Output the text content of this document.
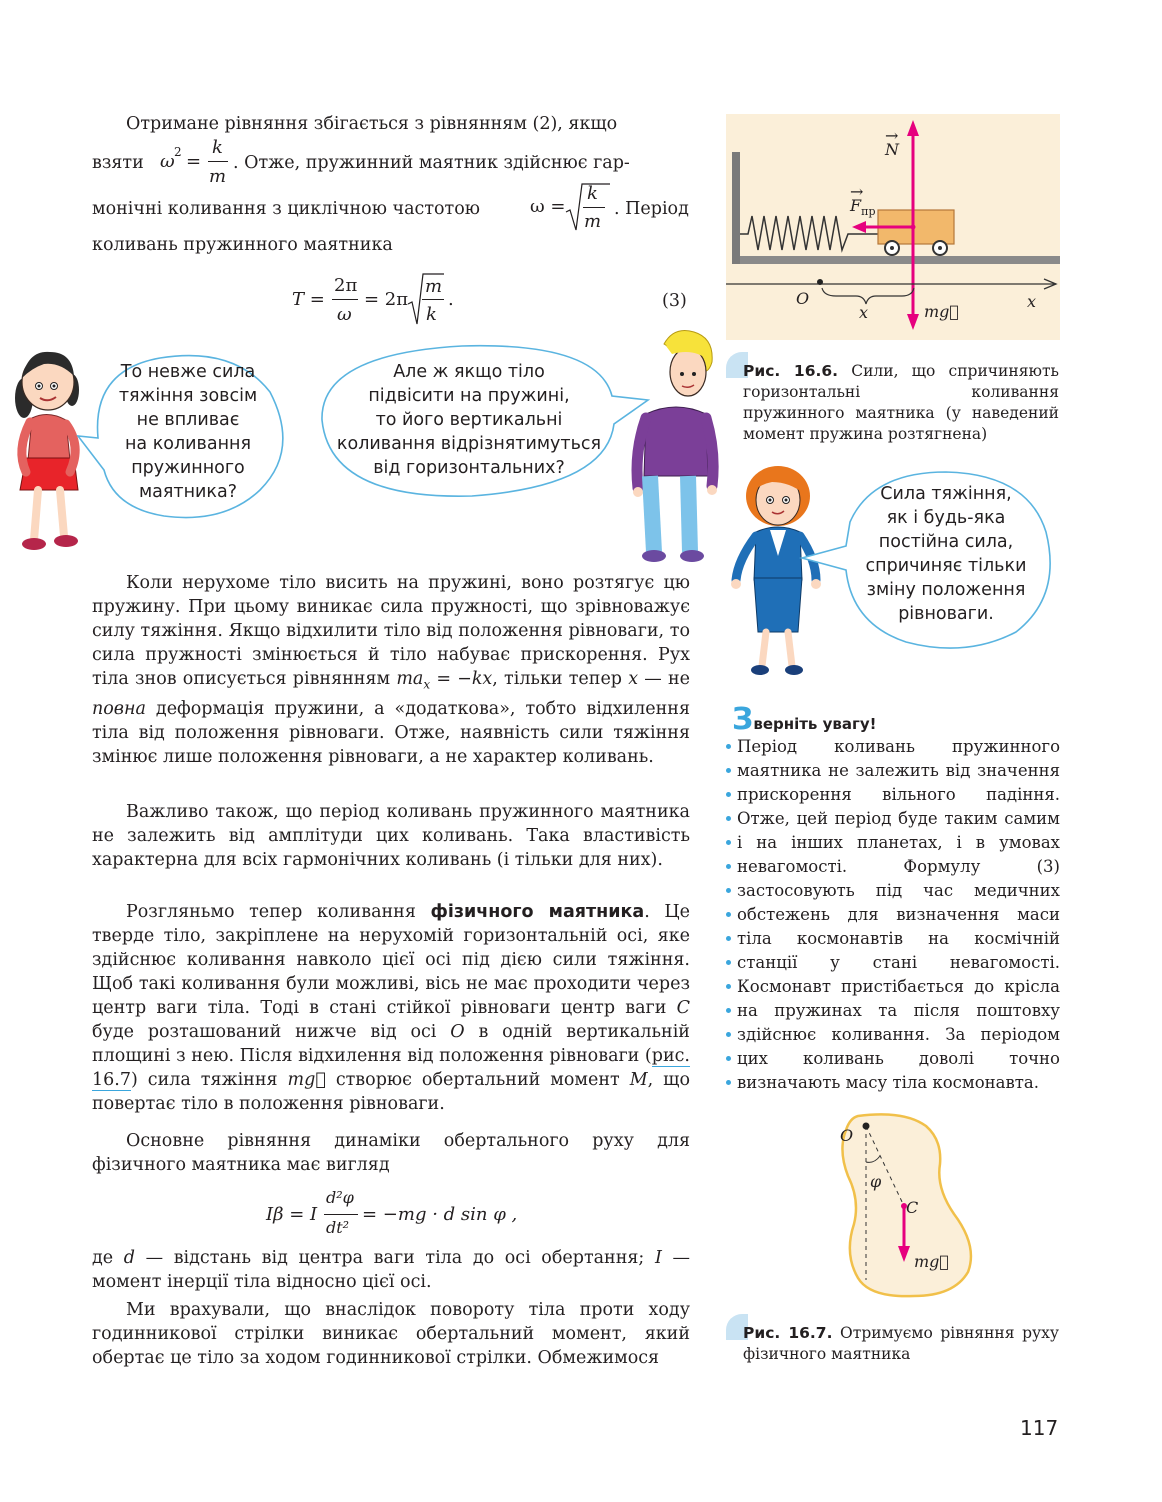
Отримане рівняння збігається з рівнянням (2), якщо

взяти ω 2 =
k
m
. Отже, пружинний маятник здійснює гар-
монічні коливання з циклічною частотою	ω =
k
m
. Період
коливань пружинного маятника
T =
2π
ω
= 2π
m
k
.	(3)
То невже сила
тяжіння зовсім
не впливає
на коливання
пружинного
маятника?
Але ж якщо тіло
підвісити на пружині,
то його вертикальні
коливання відрізнятимуться
від горизонтальних?
Коли нерухоме тіло висить на пружині, воно розтягує цю пружину. При цьому виникає сила пружності, що зрівноважує силу тяжіння. Якщо відхилити тіло від положення рівноваги, то сила пружності змінюється й тіло набуває прискорення. Рух тіла знов описується рівнянням $ma_x = -kx$, тільки тепер x — не повна деформація пружини, а «додаткова», тобто відхилення тіла від положення рівноваги. Отже, наявність сили тяжіння змінює лише положення рівноваги, а не характер коливань.
Важливо також, що період коливань пружинного маятника не залежить від амплітуди цих коливань. Така властивість характерна для всіх гармонічних коливань (і тільки для них).
Розгляньмо тепер коливання фізичного маятника. Це тверде тіло, закріплене на нерухомій горизонтальній осі, яке здійснює коливання навколо цієї осі під дією сили тяжіння. Щоб такі коливання були можливі, вісь не має проходити через центр ваги тіла. Тоді в стані стійкої рівноваги центр ваги C буде розташований нижче від осі O в одній вертикальній площині з нею. Після відхилення від положення рівноваги (рис. 16.7) сила тяжіння mg створює обертальний момент M, що повертає тіло в положення рівноваги.
Основне рівняння динаміки обертального руху для фізичного маятника має вигляд
Iβ = I
d²φ
dt²
= −mg · d sin φ ,
де d — відстань від центра ваги тіла до осі обертання; I — момент інерції тіла відносно цієї осі.
Ми врахували, що внаслідок повороту тіла проти ходу годинникової стрілки виникає обертальний момент, який обертає це тіло за ходом годинникової стрілки. Обмежимося
N
→
→
$F_{пр}$
O	x
x	mg
Рис. 16.6. Сили, що спричиняють горизонтальні коливання пружинного маятника (у наведений момент пружина розтягнена)
Сила тяжіння,
як і будь-яка
постійна сила,
спричиняє тільки
зміну положення
рівноваги.
Зверніть увагу!
Період коливань пружинного маятника не залежить від значення прискорення вільного падіння. Отже, цей період буде таким самим і на інших планетах, і в умовах невагомості. Формулу (3) застосовують під час медичних обстежень для визначення маси тіла космонавтів на космічній станції у стані невагомості. Космонавт пристібається до крісла на пружинах та після поштовху здійснює коливання. За періодом цих коливань доволі точно визначають масу тіла космонавта.
O
φ
C
mg
Рис. 16.7. Отримуємо рівняння руху фізичного маятника
117
